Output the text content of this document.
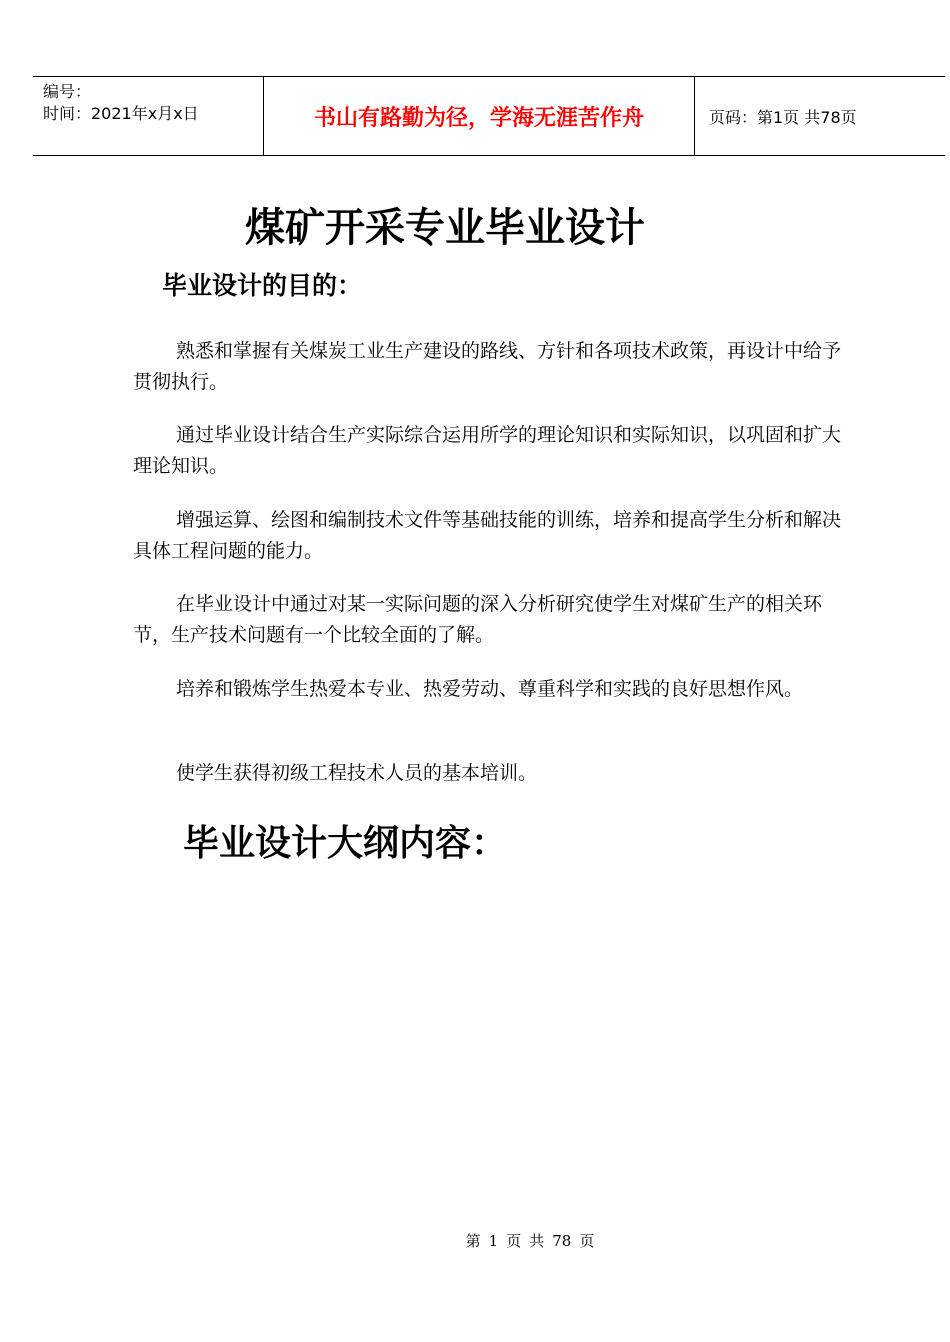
编号：
时间：2021年x月x日	书山有路勤为径，学海无涯苦作舟	页码：第1页 共78页
煤矿开采专业毕业设计
毕业设计的目的：

熟悉和掌握有关煤炭工业生产建设的路线、方针和各项技术政策，再设计中给予贯彻执行。

通过毕业设计结合生产实际综合运用所学的理论知识和实际知识，以巩固和扩大理论知识。

增强运算、绘图和编制技术文件等基础技能的训练，培养和提高学生分析和解决具体工程问题的能力。

在毕业设计中通过对某一实际问题的深入分析研究使学生对煤矿生产的相关环节，生产技术问题有一个比较全面的了解。

培养和锻炼学生热爱本专业、热爱劳动、尊重科学和实践的良好思想作风。

使学生获得初级工程技术人员的基本培训。

毕业设计大纲内容：
第 1 页 共 78 页
